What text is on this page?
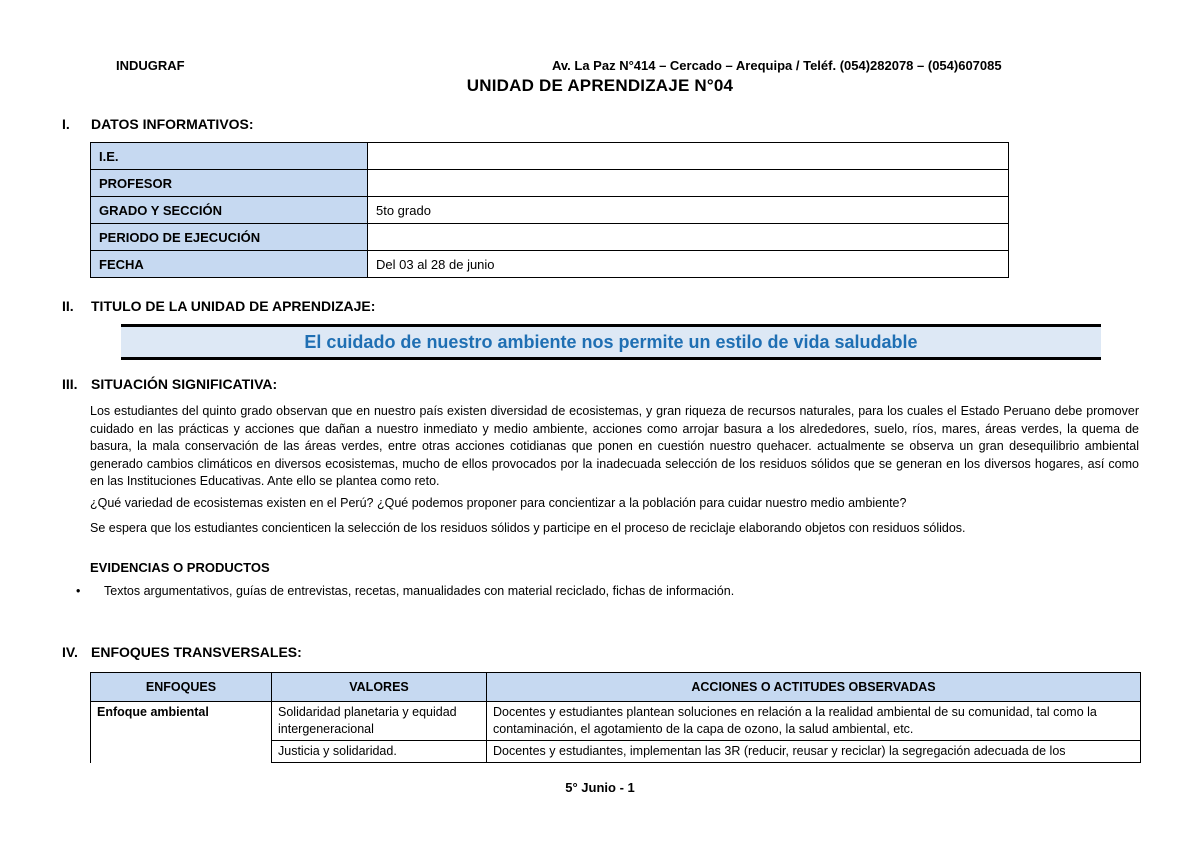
INDUGRAF	Av. La Paz N°414 – Cercado – Arequipa / Teléf. (054)282078 – (054)607085
UNIDAD DE APRENDIZAJE N°04
I. DATOS INFORMATIVOS:
I.E.	
PROFESOR	
GRADO Y SECCIÓN	5to grado
PERIODO DE EJECUCIÓN	
FECHA	Del 03 al 28 de junio
II. TITULO DE LA UNIDAD DE APRENDIZAJE:
El cuidado de nuestro ambiente nos permite un estilo de vida saludable
III. SITUACIÓN SIGNIFICATIVA:
Los estudiantes del quinto grado observan que en nuestro país existen diversidad de ecosistemas, y gran riqueza de recursos naturales, para los cuales el Estado Peruano debe promover cuidado en las prácticas y acciones que dañan a nuestro inmediato y medio ambiente, acciones como arrojar basura a los alrededores, suelo, ríos, mares, áreas verdes, la quema de basura, la mala conservación de las áreas verdes, entre otras acciones cotidianas que ponen en cuestión nuestro quehacer. actualmente se observa un gran desequilibrio ambiental generado cambios climáticos en diversos ecosistemas, mucho de ellos provocados por la inadecuada selección de los residuos sólidos que se generan en los diversos hogares, así como en las Instituciones Educativas. Ante ello se plantea como reto.
¿Qué variedad de ecosistemas existen en el Perú? ¿Qué podemos proponer para concientizar a la población para cuidar nuestro medio ambiente?
Se espera que los estudiantes concienticen la selección de los residuos sólidos y participe en el proceso de reciclaje elaborando objetos con residuos sólidos.
EVIDENCIAS O PRODUCTOS
• Textos argumentativos, guías de entrevistas, recetas, manualidades con material reciclado, fichas de información.
IV. ENFOQUES TRANSVERSALES:
ENFOQUES	VALORES	ACCIONES O ACTITUDES OBSERVADAS
Enfoque ambiental	Solidaridad planetaria y equidad intergeneracional	Docentes y estudiantes plantean soluciones en relación a la realidad ambiental de su comunidad, tal como la contaminación, el agotamiento de la capa de ozono, la salud ambiental, etc.
	Justicia y solidaridad.	Docentes y estudiantes, implementan las 3R (reducir, reusar y reciclar) la segregación adecuada de los
5° Junio - 1
